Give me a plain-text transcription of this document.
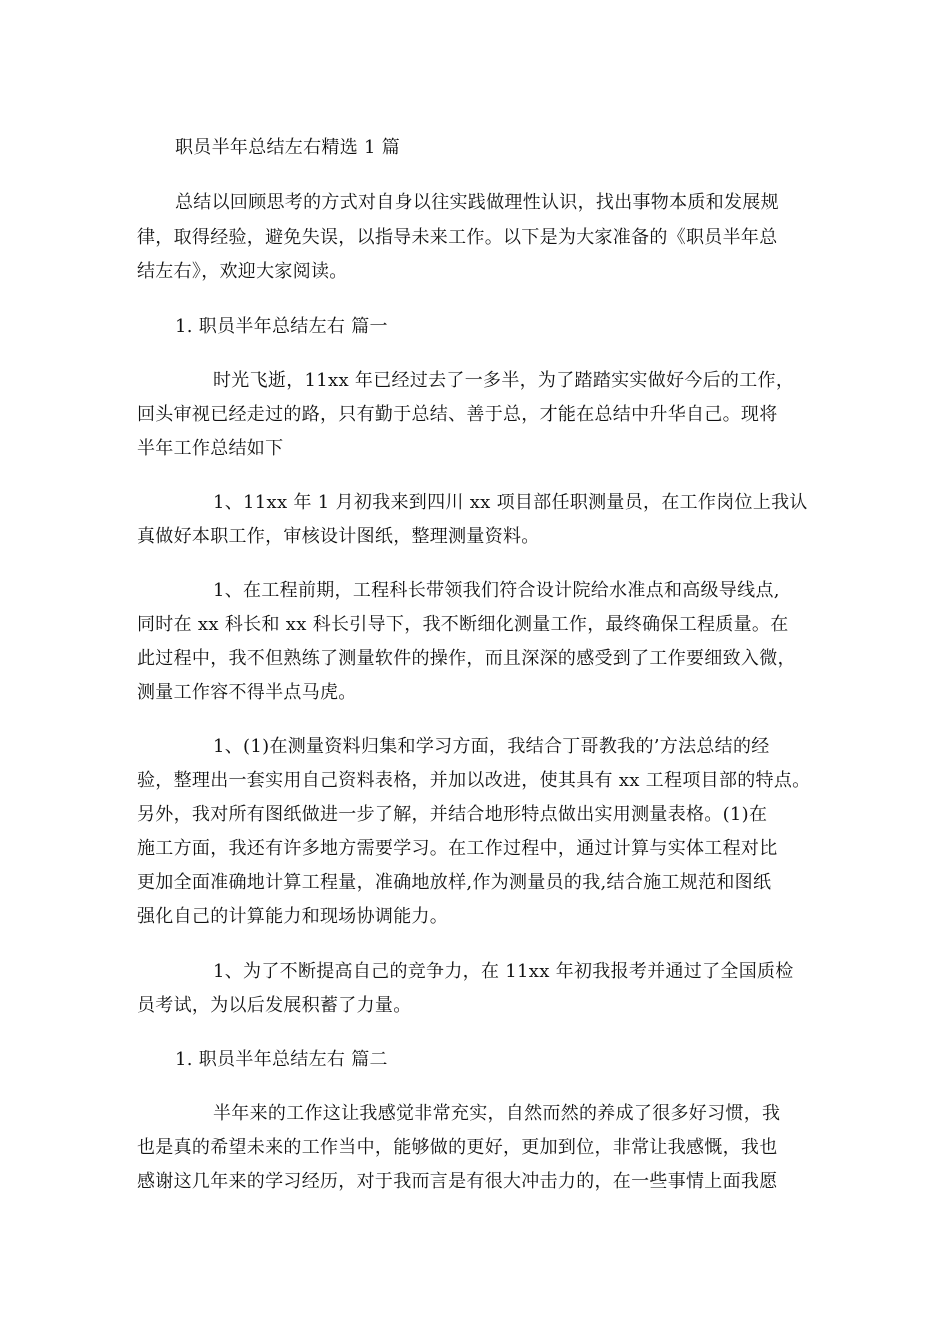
职员半年总结左右精选 1 篇
总结以回顾思考的方式对自身以往实践做理性认识，找出事物本质和发展规
律，取得经验，避免失误，以指导未来工作。以下是为大家准备的《职员半年总
结左右》，欢迎大家阅读。
1. 职员半年总结左右 篇一
时光飞逝，11xx 年已经过去了一多半，为了踏踏实实做好今后的工作，
回头审视已经走过的路，只有勤于总结、善于总，才能在总结中升华自己。现将
半年工作总结如下
1、11xx 年 1 月初我来到四川 xx 项目部任职测量员，在工作岗位上我认
真做好本职工作，审核设计图纸，整理测量资料。
1、在工程前期，工程科长带领我们符合设计院给水准点和高级导线点,
同时在 xx 科长和 xx 科长引导下，我不断细化测量工作，最终确保工程质量。在
此过程中，我不但熟练了测量软件的操作，而且深深的感受到了工作要细致入微，
测量工作容不得半点马虎。
1、(1)在测量资料归集和学习方面，我结合丁哥教我的’方法总结的经
验，整理出一套实用自己资料表格，并加以改进，使其具有 xx 工程项目部的特点。
另外，我对所有图纸做进一步了解，并结合地形特点做出实用测量表格。(1)在
施工方面，我还有许多地方需要学习。在工作过程中，通过计算与实体工程对比
更加全面准确地计算工程量，准确地放样,作为测量员的我,结合施工规范和图纸
强化自己的计算能力和现场协调能力。
1、为了不断提高自己的竞争力，在 11xx 年初我报考并通过了全国质检
员考试，为以后发展积蓄了力量。
1. 职员半年总结左右 篇二
半年来的工作这让我感觉非常充实，自然而然的养成了很多好习惯，我
也是真的希望未来的工作当中，能够做的更好，更加到位，非常让我感慨，我也
感谢这几年来的学习经历，对于我而言是有很大冲击力的，在一些事情上面我愿
